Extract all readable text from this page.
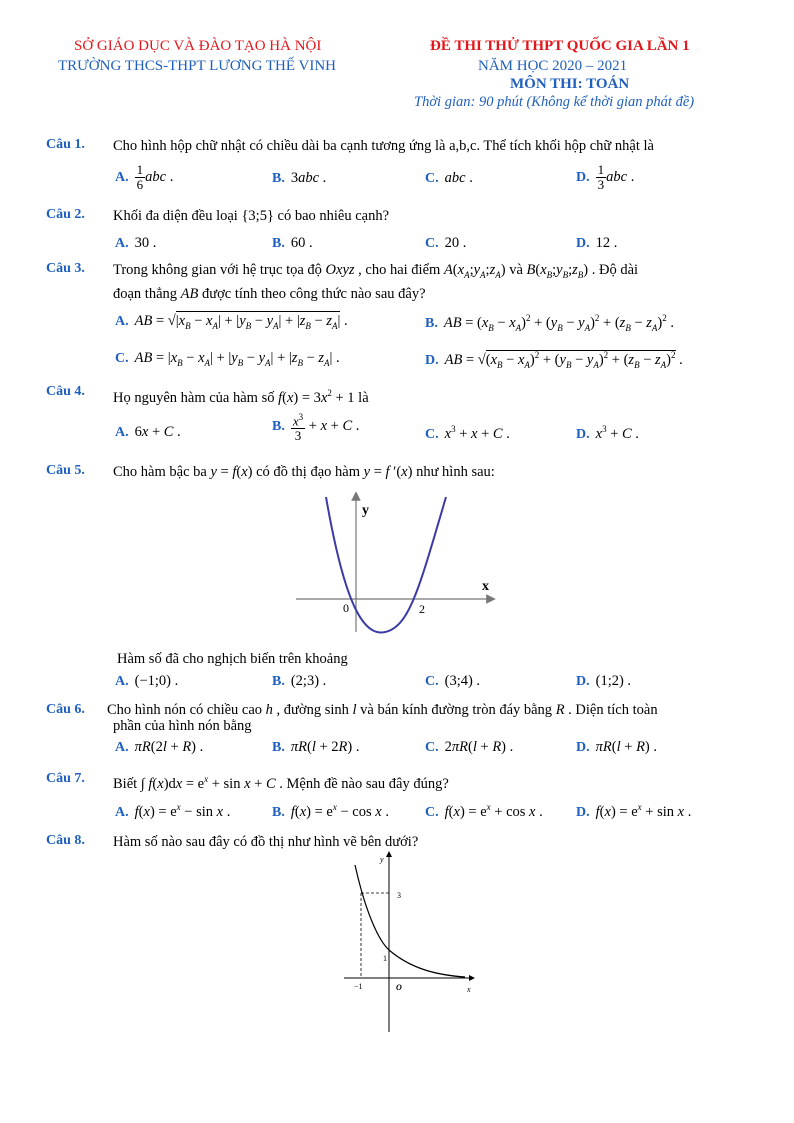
SỞ GIÁO DỤC VÀ ĐÀO TẠO HÀ NỘI
TRƯỜNG THCS-THPT LƯƠNG THẾ VINH
ĐỀ THI THỬ THPT QUỐC GIA LẦN 1
NĂM HỌC 2020 – 2021
MÔN THI: TOÁN
Thời gian: 90 phút (Không kể thời gian phát đề)
Câu 1. Cho hình hộp chữ nhật có chiều dài ba cạnh tương ứng là a,b,c. Thể tích khối hộp chữ nhật là
A. $\frac{1}{6}$ abc .	B. 3abc .	C. abc .	D. $\frac{1}{3}$ abc .
Câu 2. Khối đa diện đều loại {3;5} có bao nhiêu cạnh?
A. 30 .	B. 60 .	C. 20 .	D. 12 .
Câu 3. Trong không gian với hệ trục tọa độ Oxyz , cho hai điểm $A(x_A;y_A;z_A)$ và $B(x_B;y_B;z_B)$ . Độ dài
đoạn thẳng AB được tính theo công thức nào sau đây?
A. AB = $√|x_B - x_A| + |y_B - y_A| + |z_B - z_A|$ .	B. AB = $(x_B - x_A)^2 + (y_B - y_A)^2 + (z_B - z_A)^2$ .
C. AB = $|x_B - x_A| + |y_B - y_A| + |z_B - z_A|$ .	D. AB = $√(x_B - x_A)^2 + (y_B - y_A)^2 + (z_B - z_A)^2$ .
Câu 4. Họ nguyên hàm của hàm số $f(x) = 3x^2 + 1$ là
A. 6x + C .	B. $\frac{x^3}{3} + x + C$ .
C. $x^3 + x + C$ .	D. $x^3 + C$ .
Câu 5. Cho hàm bậc ba y = f(x) có đồ thị đạo hàm y = f ′(x) như hình sau:
y
x
0	2
Hàm số đã cho nghịch biến trên khoảng
A. (−1;0) .	B. (2;3) .	C. (3;4) .	D. (1;2) .
Câu 6. Cho hình nón có chiều cao h , đường sinh l và bán kính đường tròn đáy bằng R . Diện tích toàn
phần của hình nón bằng
A. πR(2l + R) .	B. πR(l + 2R) .	C. 2πR(l + R) .	D. πR(l + R) .
Câu 7. Biết ∫ $f(x)dx = e^x + \sin x + C$ . Mệnh đề nào sau đây đúng?
A. $f(x) = e^x - \sin x$ .	B. $f(x) = e^x - \cos x$ .	C. $f(x) = e^x + \cos x$ . D. $f(x) = e^x + \sin x$ .
Câu 8. Hàm số nào sau đây có đồ thị như hình vẽ bên dưới?
y
x
O
−1
1
3
